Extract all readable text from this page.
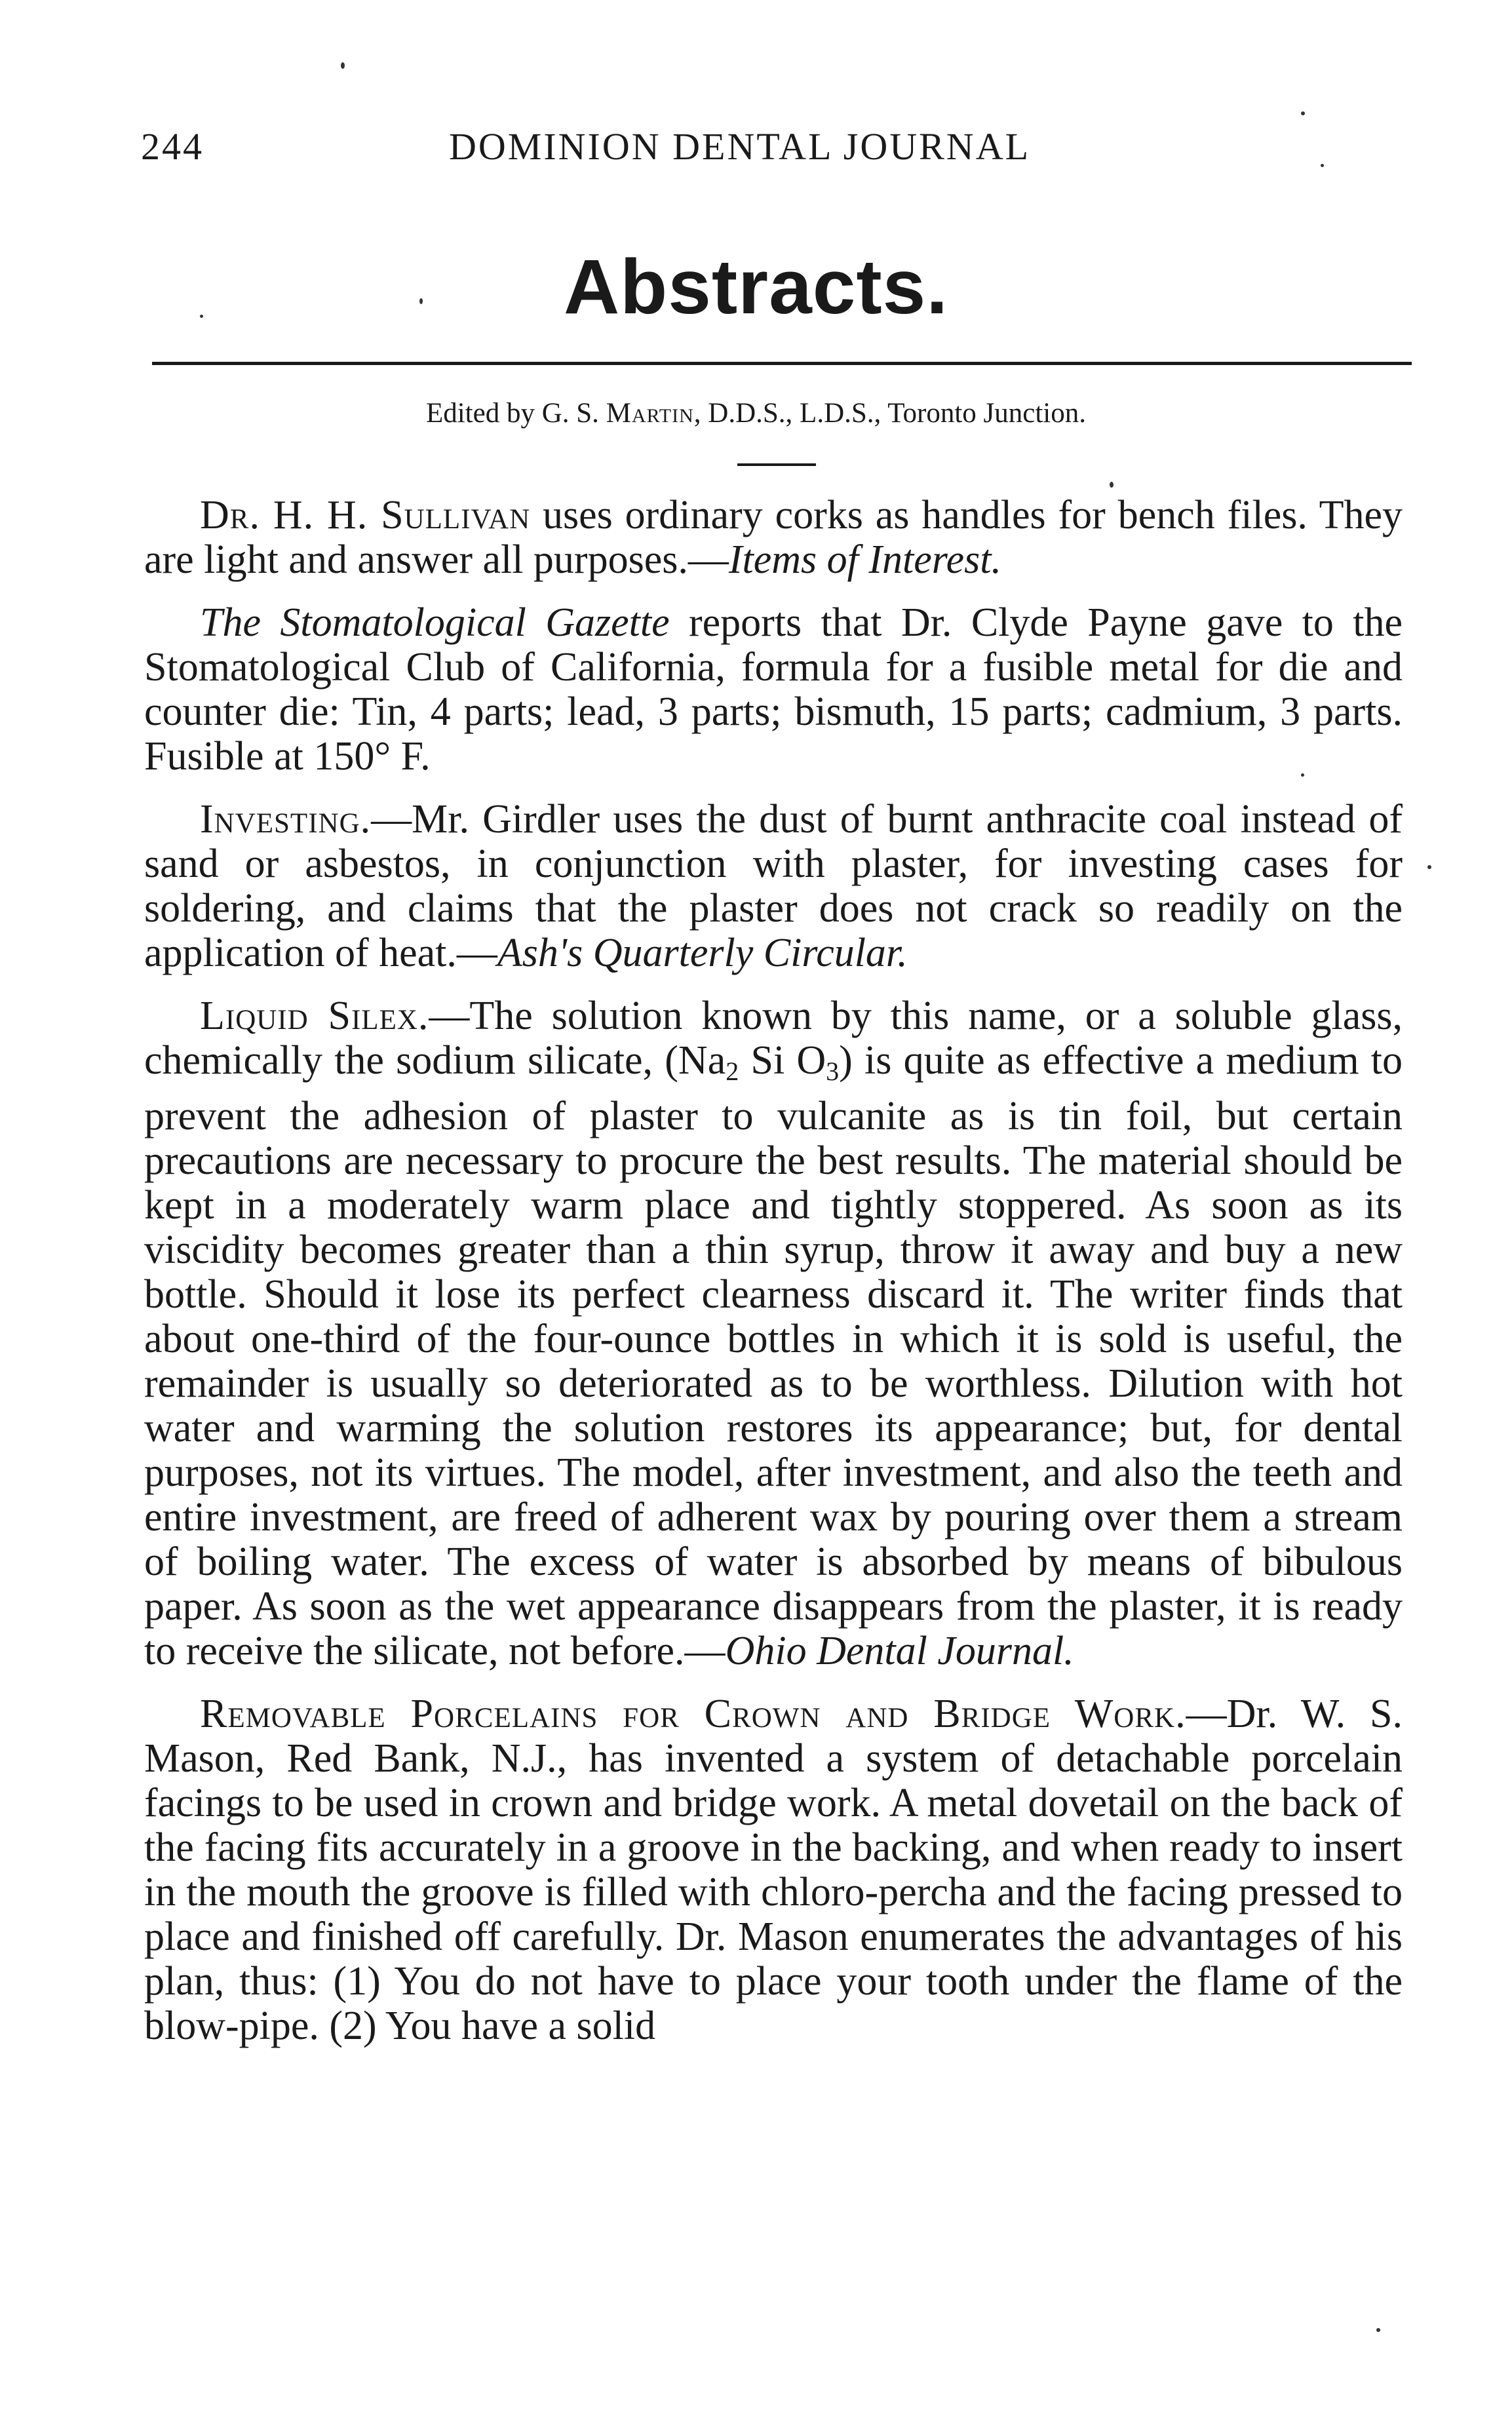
244	DOMINION DENTAL JOURNAL
Abstracts.
Edited by G. S. Martin, D.D.S., L.D.S., Toronto Junction.

Dr. H. H. Sullivan uses ordinary corks as handles for bench files. They are light and answer all purposes.—Items of Interest.

The Stomatological Gazette reports that Dr. Clyde Payne gave to the Stomatological Club of California, formula for a fusible metal for die and counter die: Tin, 4 parts; lead, 3 parts; bismuth, 15 parts; cadmium, 3 parts. Fusible at 150° F.

Investing.—Mr. Girdler uses the dust of burnt anthracite coal instead of sand or asbestos, in conjunction with plaster, for investing cases for soldering, and claims that the plaster does not crack so readily on the application of heat.—Ash's Quarterly Circular.

Liquid Silex.—The solution known by this name, or a soluble glass, chemically the sodium silicate, ($Na_2$ Si $O_3$) is quite as effective a medium to prevent the adhesion of plaster to vulcanite as is tin foil, but certain precautions are necessary to procure the best results. The material should be kept in a moderately warm place and tightly stoppered. As soon as its viscidity becomes greater than a thin syrup, throw it away and buy a new bottle. Should it lose its perfect clearness discard it. The writer finds that about one-third of the four-ounce bottles in which it is sold is useful, the remainder is usually so deteriorated as to be worthless. Dilution with hot water and warming the solution restores its appearance; but, for dental purposes, not its virtues. The model, after investment, and also the teeth and entire investment, are freed of adherent wax by pouring over them a stream of boiling water. The excess of water is absorbed by means of bibulous paper. As soon as the wet appearance disappears from the plaster, it is ready to receive the silicate, not before.—Ohio Dental Journal.

Removable Porcelains for Crown and Bridge Work.—Dr. W. S. Mason, Red Bank, N.J., has invented a system of detachable porcelain facings to be used in crown and bridge work. A metal dovetail on the back of the facing fits accurately in a groove in the backing, and when ready to insert in the mouth the groove is filled with chloro-percha and the facing pressed to place and finished off carefully. Dr. Mason enumerates the advantages of his plan, thus: (1) You do not have to place your tooth under the flame of the blow-pipe. (2) You have a solid
